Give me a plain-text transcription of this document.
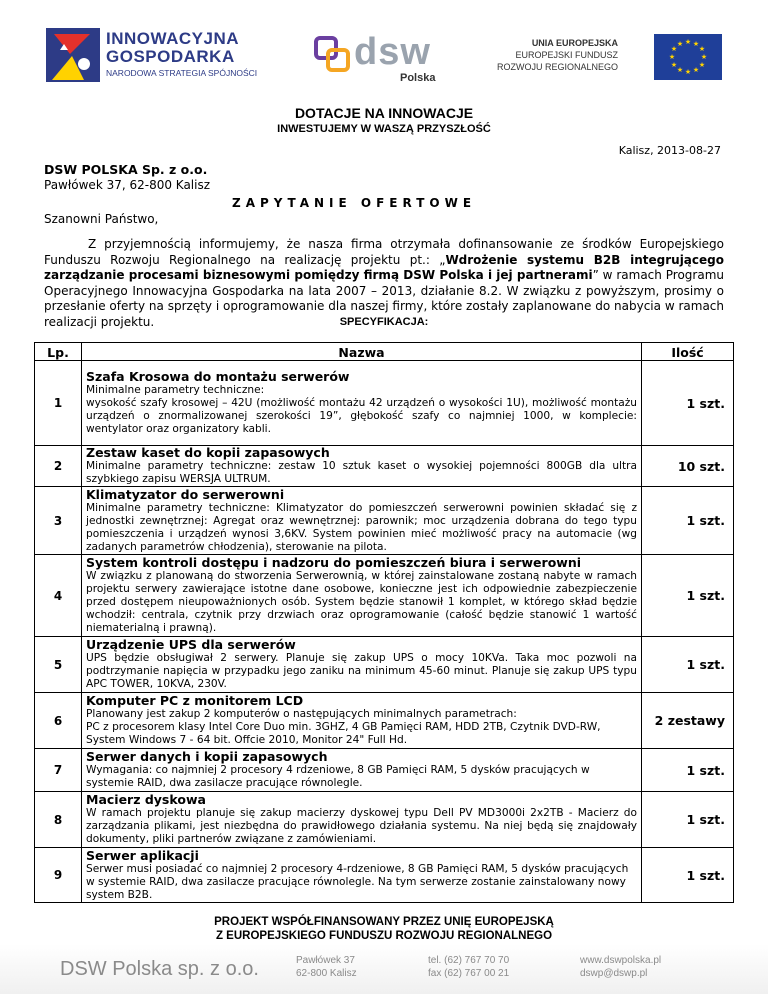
INNOWACYJNA
GOSPODARKA
NARODOWA STRATEGIA SPÓJNOŚCI	dsw
Polska
UNIA EUROPEJSKA
EUROPEJSKI FUNDUSZ
ROZWOJU REGIONALNEGO
★ ★
★
★
★
★
★
★
★
★
★
★
DOTACJE NA INNOWACJE
INWESTUJEMY W WASZĄ PRZYSZŁOŚĆ
Kalisz, 2013-08-27
DSW POLSKA Sp. z o.o.
Pawłówek 37, 62-800 Kalisz
ZAPYTANIE OFERTOWE
Szanowni Państwo,
Z przyjemnością informujemy, że nasza firma otrzymała dofinansowanie ze środków Europejskiego Funduszu Rozwoju Regionalnego na realizację projektu pt.: „Wdrożenie systemu B2B integrującego zarządzanie procesami biznesowymi pomiędzy firmą DSW Polska i jej partnerami” w ramach Programu Operacyjnego Innowacyjna Gospodarka na lata 2007 – 2013, działanie 8.2. W związku z powyższym, prosimy o przesłanie oferty na sprzęty i oprogramowanie dla naszej firmy, które zostały zaplanowane do nabycia w ramach realizacji projektu.	SPECYFIKACJA:
Lp.	Nazwa	Ilość
1	Szafa Krosowa do montażu serwerów
Minimalne parametry techniczne:
wysokość szafy krosowej – 42U (możliwość montażu 42 urządzeń o wysokości 1U), możliwość montażu urządzeń o znormalizowanej szerokości 19”, głębokość szafy co najmniej 1000, w komplecie: wentylator oraz organizatory kabli.	1 szt.
2	Zestaw kaset do kopii zapasowych
Minimalne parametry techniczne: zestaw 10 sztuk kaset o wysokiej pojemności 800GB dla ultra szybkiego zapisu WERSJA ULTRUM.	10 szt.
3	Klimatyzator do serwerowni
Minimalne parametry techniczne: Klimatyzator do pomieszczeń serwerowni powinien składać się z jednostki zewnętrznej: Agregat oraz wewnętrznej: parownik; moc urządzenia dobrana do tego typu pomieszczenia i urządzeń wynosi 3,6KV. System powinien mieć możliwość pracy na automacie (wg zadanych parametrów chłodzenia), sterowanie na pilota.	1 szt.
4	System kontroli dostępu i nadzoru do pomieszczeń biura i serwerowni
W związku z planowaną do stworzenia Serwerownią, w której zainstalowane zostaną nabyte w ramach projektu serwery zawierające istotne dane osobowe, konieczne jest ich odpowiednie zabezpieczenie przed dostępem nieupoważnionych osób. System będzie stanowił 1 komplet, w którego skład będzie wchodził: centrala, czytnik przy drzwiach oraz oprogramowanie (całość będzie stanowić 1 wartość niematerialną i prawną).	1 szt.
5	Urządzenie UPS dla serwerów
UPS będzie obsługiwał 2 serwery. Planuje się zakup UPS o mocy 10KVa. Taka moc pozwoli na podtrzymanie napięcia w przypadku jego zaniku na minimum 45-60 minut. Planuje się zakup UPS typu APC TOWER, 10KVA, 230V.	1 szt.
6	Komputer PC z monitorem LCD
Planowany jest zakup 2 komputerów o następujących minimalnych parametrach:
PC z procesorem klasy Intel Core Duo min. 3GHZ, 4 GB Pamięci RAM, HDD 2TB, Czytnik DVD-RW, System Windows 7 - 64 bit. Offcie 2010, Monitor 24" Full Hd.	2 zestawy
7	Serwer danych i kopii zapasowych
Wymagania: co najmniej 2 procesory 4 rdzeniowe, 8 GB Pamięci RAM, 5 dysków pracujących w systemie RAID, dwa zasilacze pracujące równolegle.	1 szt.
8	Macierz dyskowa
W ramach projektu planuje się zakup macierzy dyskowej typu Dell PV MD3000i 2x2TB - Macierz do zarządzania plikami, jest niezbędna do prawidłowego działania systemu. Na niej będą się znajdowały dokumenty, pliki partnerów związane z zamówieniami.	1 szt.
9	Serwer aplikacji
Serwer musi posiadać co najmniej 2 procesory 4-rdzeniowe, 8 GB Pamięci RAM, 5 dysków pracujących w systemie RAID, dwa zasilacze pracujące równolegle. Na tym serwerze zostanie zainstalowany nowy system B2B.	1 szt.
PROJEKT WSPÓŁFINANSOWANY PRZEZ UNIĘ EUROPEJSKĄ
Z EUROPEJSKIEGO FUNDUSZU ROZWOJU REGIONALNEGO
DSW Polska sp. z o.o.	Pawłówek 37
62-800 Kalisz
tel. (62) 767 70 70
fax (62) 767 00 21
www.dswpolska.pl
dswp@dswp.pl
